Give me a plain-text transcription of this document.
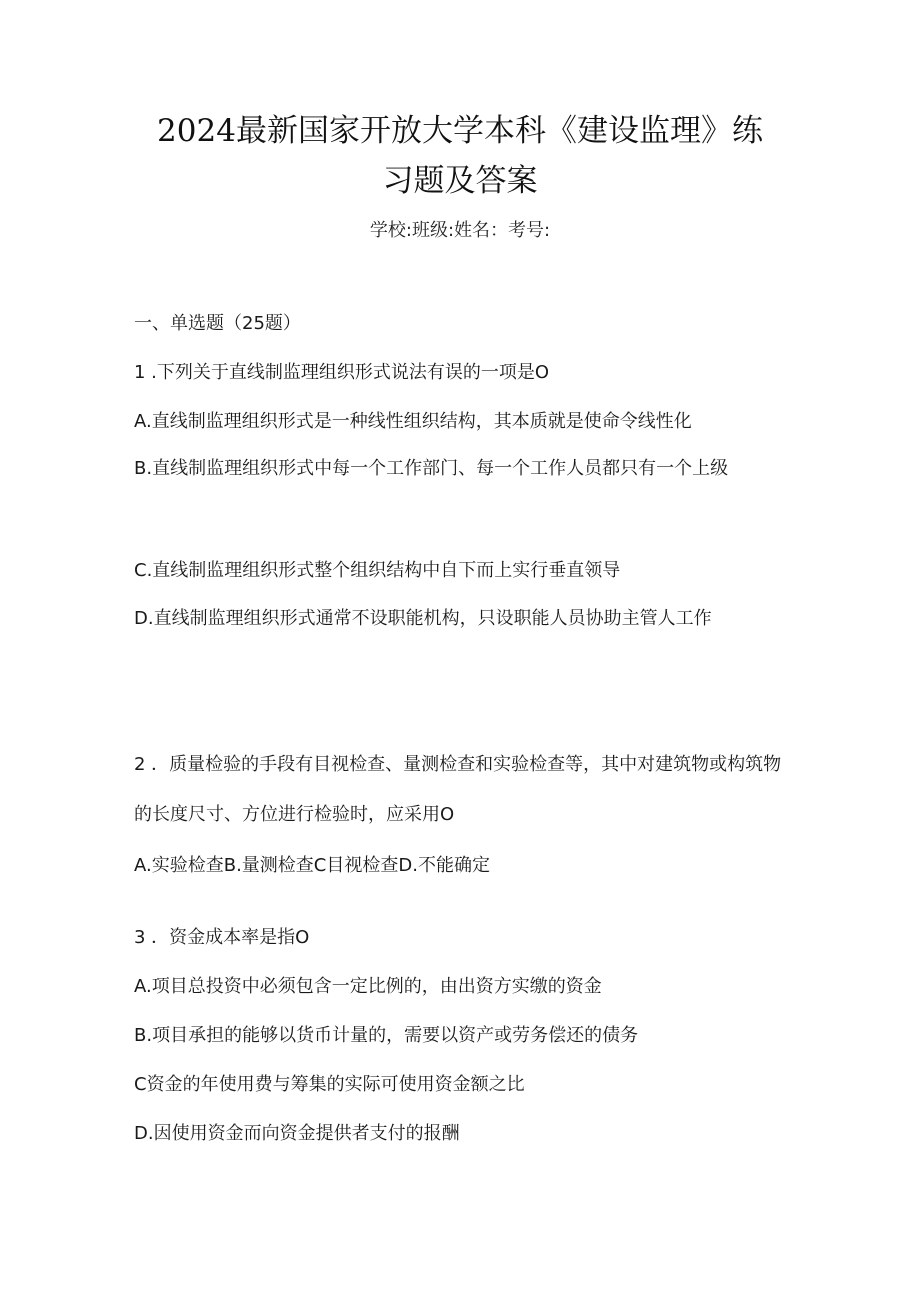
2024最新国家开放大学本科《建设监理》练
习题及答案
学校:班级:姓名：考号:
一、单选题（25题）
1 .下列关于直线制监理组织形式说法有误的一项是O
A.直线制监理组织形式是一种线性组织结构，其本质就是使命令线性化
B.直线制监理组织形式中每一个工作部门、每一个工作人员都只有一个上级
C.直线制监理组织形式整个组织结构中自下而上实行垂直领导
D.直线制监理组织形式通常不设职能机构，只设职能人员协助主管人工作
2 ．质量检验的手段有目视检查、量测检查和实验检查等，其中对建筑物或构筑物的长度尺寸、方位进行检验时，应采用O
A.实验检查B.量测检查C目视检查D.不能确定
3 ．资金成本率是指O
A.项目总投资中必须包含一定比例的，由出资方实缴的资金
B.项目承担的能够以货币计量的，需要以资产或劳务偿还的债务
C资金的年使用费与筹集的实际可使用资金额之比
D.因使用资金而向资金提供者支付的报酬
